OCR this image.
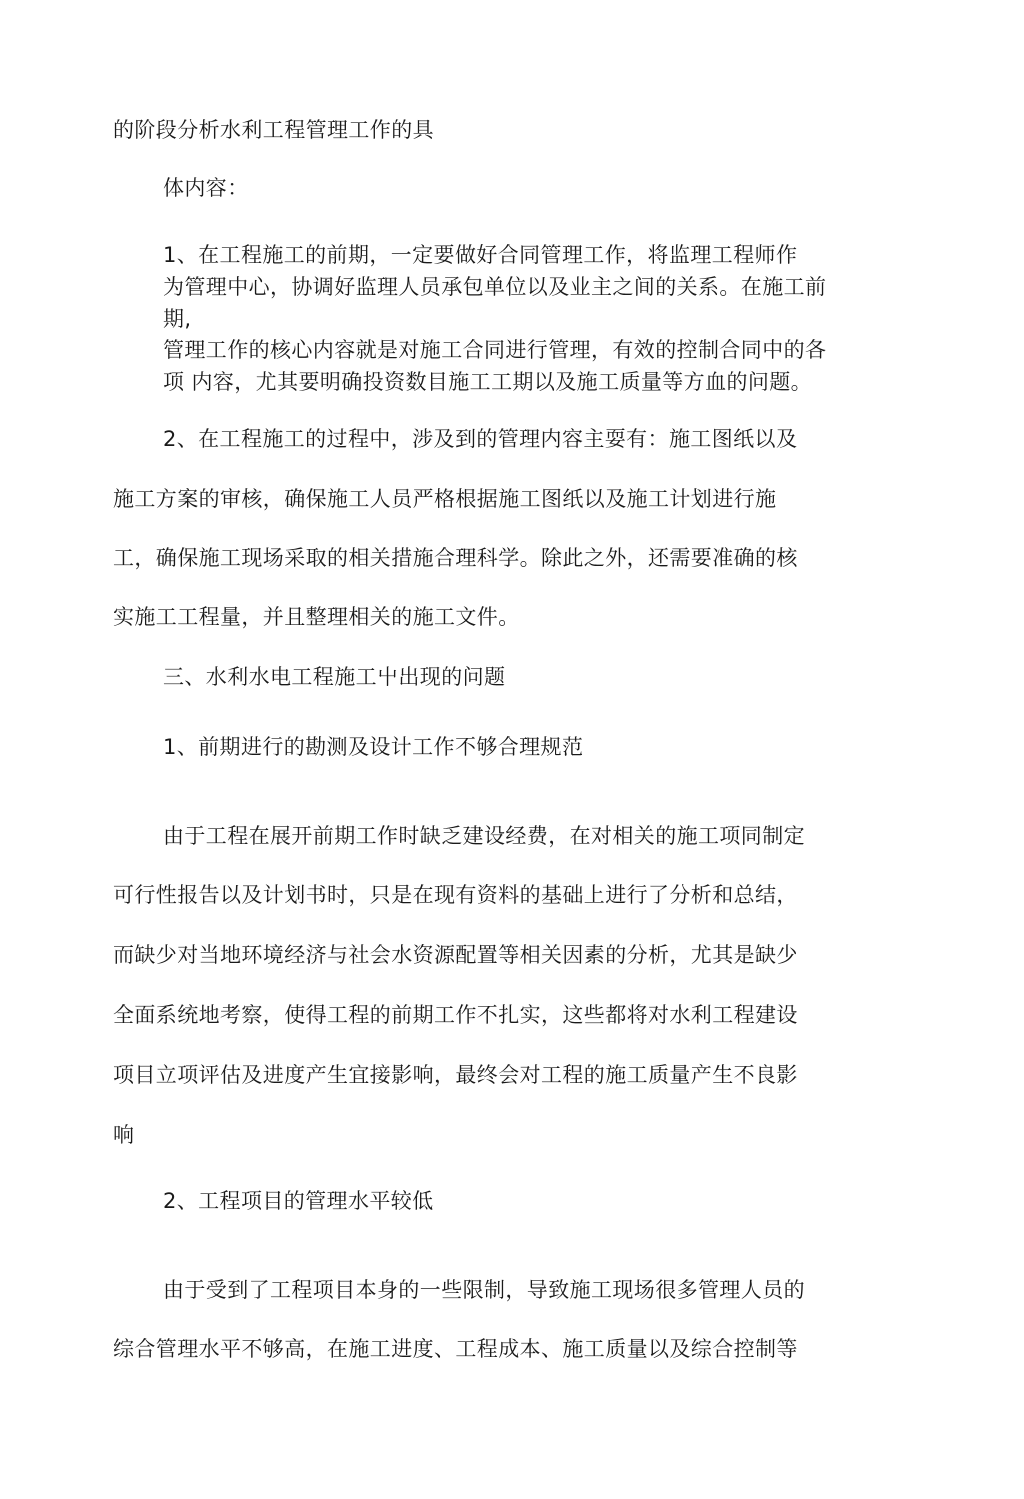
的阶段分析水利工程管理工作的具
体内容：
1、在工程施工的前期，一定要做好合同管理工作，将监理工程师作
为管理中心，协调好监理人员承包单位以及业主之间的关系。在施工前
期,
管理工作的核心内容就是对施工合同进行管理，有效的控制合同中的各
项 内容，尤其要明确投资数目施工工期以及施工质量等方血的问题。
2、在工程施工的过程中，涉及到的管理内容主耍有：施工图纸以及
施工方案的审核，确保施工人员严格根据施工图纸以及施工计划进行施
工，确保施工现场采取的相关措施合理科学。除此之外，还需要准确的核
实施工工程量，并且整理相关的施工文件。
三、水利水电工程施工屮出现的问题
1、前期进行的勘测及设计工作不够合理规范
由于工程在展开前期工作时缺乏建设经费，在对相关的施工项同制定
可行性报告以及计划书时，只是在现有资料的基础上进行了分析和总结，
而缺少对当地环境经济与社会水资源配置等相关因素的分析，尤其是缺少
全面系统地考察，使得工程的前期工作不扎实，这些都将对水利工程建设
项目立项评估及进度产生宜接影响，最终会对工程的施工质量产生不良影
响
2、工程项目的管理水平较低
由于受到了工程项目本身的一些限制，导致施工现场很多管理人员的
综合管理水平不够高，在施工进度、工程成本、施工质量以及综合控制等
